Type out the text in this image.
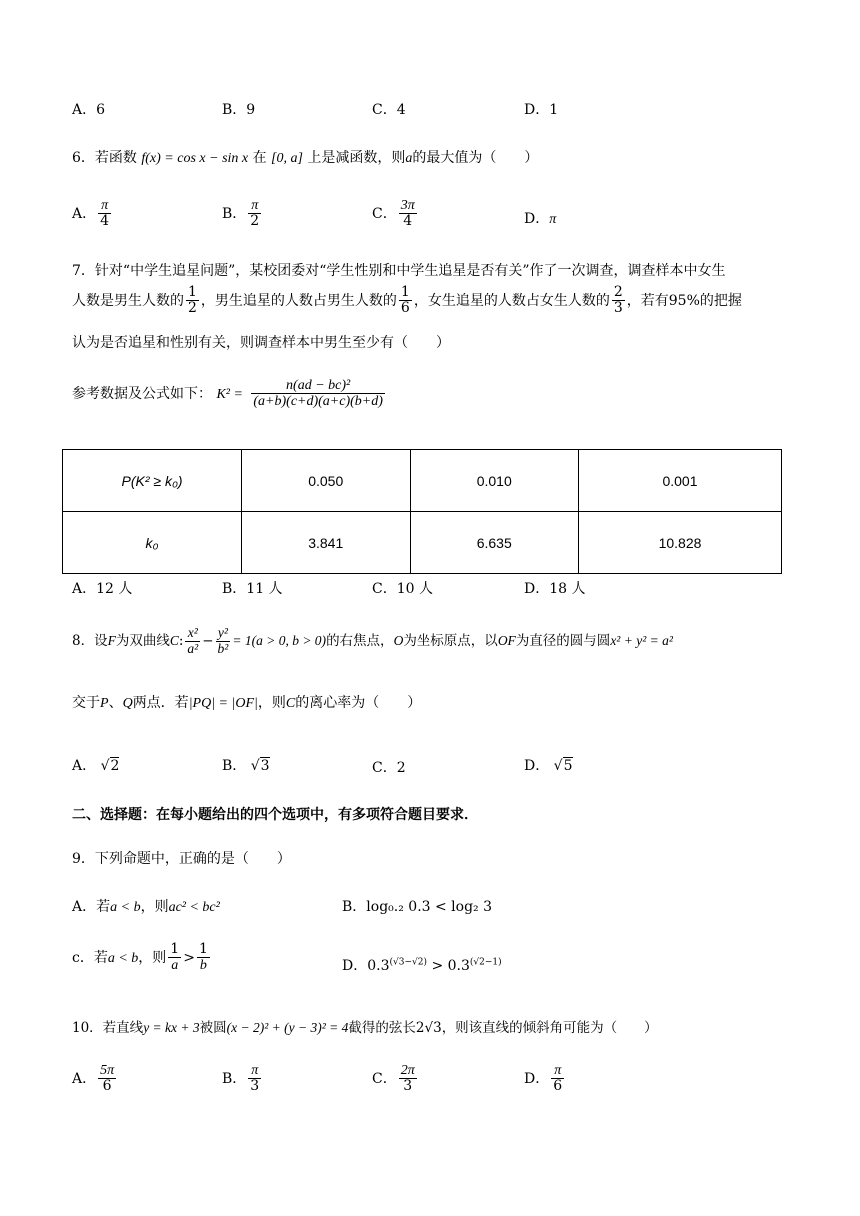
A．6	B．9	C．4	D．1
6．若函数 f(x) = cos x − sin x 在 [0, a] 上是减函数，则a的最大值为（　　）
A． $\frac{\pi}{4}$	B． $\frac{\pi}{2}$	C． $\frac{3\pi}{4}$	D．π
7．针对“中学生追星问题”，某校团委对“学生性别和中学生追星是否有关”作了一次调查，调查样本中女生
人数是男生人数的 $\frac{1}{2}$ ，男生追星的人数占男生人数的 $\frac{1}{6}$ ，女生追星的人数占女生人数的 $\frac{2}{3}$ ，若有95%的把握
认为是否追星和性别有关，则调查样本中男生至少有（　　）
参考数据及公式如下： $K^2 = \frac{\text{n(ad − bc)²}}{(a+b)(c+d)(a+c)(b+d)}$
P(K² ≥ k₀)	0.050	0.010	0.001
k₀	3.841	6.635	10.828
A．12 人	B．11 人	C．10 人	D．18 人
8．设F为双曲线C: $\frac{\text{x²}}{\text{a²}} - \frac{\text{y²}}{\text{b²}} = 1(a > 0$, b > 0)的右焦点，O为坐标原点，以OF为直径的圆与圆x² + y² = a²
交于P、Q两点．若|PQ| = |OF|，则C的离心率为（　　）
A． √2	B． √3	C．2	D． √5
二、选择题：在每小题给出的四个选项中，有多项符合题目要求．
9．下列命题中，正确的是（　　）
A．若a < b，则ac² < bc²	B．log₀.₂ 0.3 < log₂ 3
c．若a < b，则 $\frac{1}{a} > \frac{1}{b}$	D．$0.3^{(√3-√2)} > 0.3^{(√2-1)}$
10．若直线y = kx + 3被圆(x − 2)² + (y − 3)² = 4截得的弦长2√3，则该直线的倾斜角可能为（　　）
A． $\frac{5\pi}{6}$	B． $\frac{\pi}{3}$	C． $\frac{2\pi}{3}$	D． $\frac{\pi}{6}$
